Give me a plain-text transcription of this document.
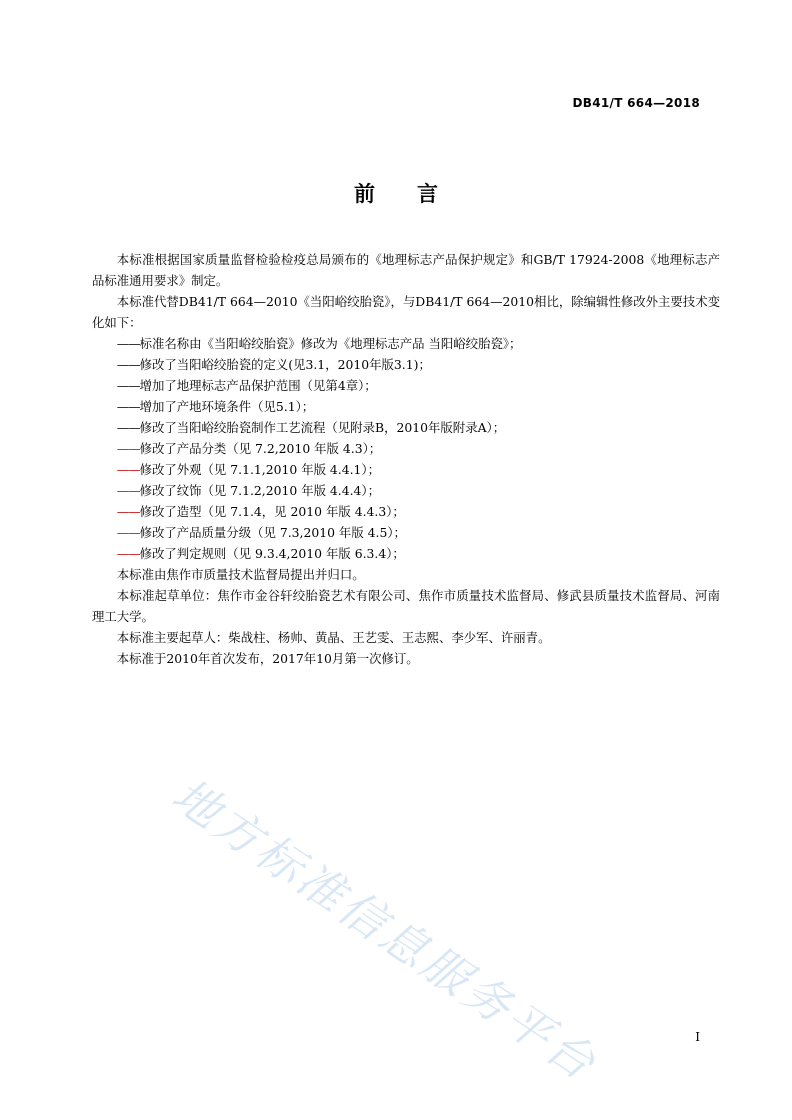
DB41/T 664—2018
前 言

本标准根据国家质量监督检验检疫总局颁布的《地理标志产品保护规定》和GB/T 17924-2008《地理标志产品标准通用要求》制定。

本标准代替DB41/T 664—2010《当阳峪绞胎瓷》，与DB41/T 664—2010相比，除编辑性修改外主要技术变化如下：

——标准名称由《当阳峪绞胎瓷》修改为《地理标志产品 当阳峪绞胎瓷》；

——修改了当阳峪绞胎瓷的定义(见3.1，2010年版3.1)；

——增加了地理标志产品保护范围（见第4章）；

——增加了产地环境条件（见5.1）；

——修改了当阳峪绞胎瓷制作工艺流程（见附录B，2010年版附录A）；

——修改了产品分类（见 7.2,2010 年版 4.3）；

——修改了外观（见 7.1.1,2010 年版 4.4.1）；

——修改了纹饰（见 7.1.2,2010 年版 4.4.4）；

——修改了造型（见 7.1.4，见 2010 年版 4.4.3）；

——修改了产品质量分级（见 7.3,2010 年版 4.5）；

——修改了判定规则（见 9.3.4,2010 年版 6.3.4）；

本标准由焦作市质量技术监督局提出并归口。

本标准起草单位：焦作市金谷轩绞胎瓷艺术有限公司、焦作市质量技术监督局、修武县质量技术监督局、河南理工大学。

本标准主要起草人：柴战柱、杨帅、黄晶、王艺雯、王志熙、李少军、许丽青。

本标准于2010年首次发布，2017年10月第一次修订。

地方标准信息服务平台	I
